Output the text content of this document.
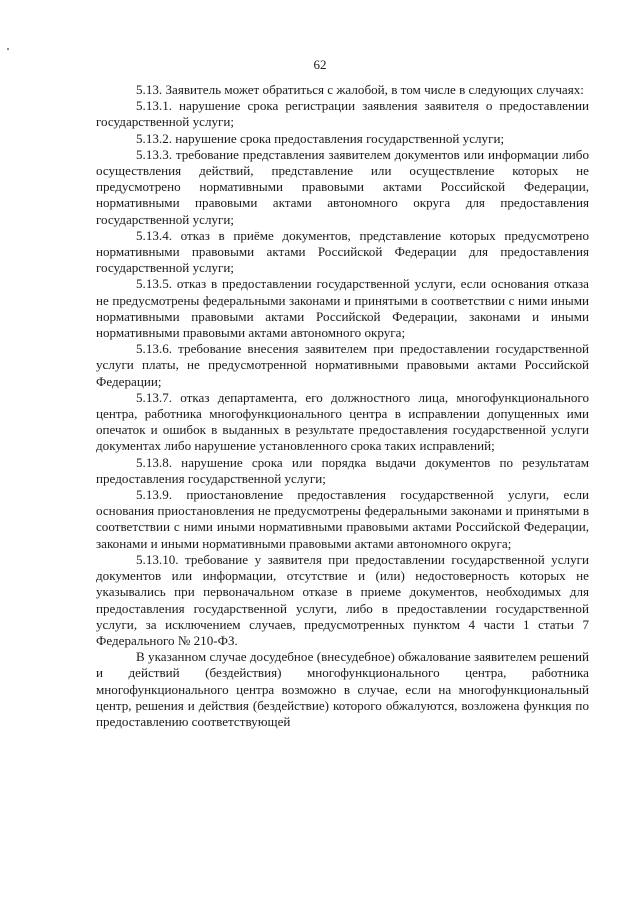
62

5.13. Заявитель может обратиться с жалобой, в том числе в следующих случаях:

5.13.1. нарушение срока регистрации заявления заявителя о предоставлении государственной услуги;

5.13.2. нарушение срока предоставления государственной услуги;

5.13.3. требование представления заявителем документов или информации либо осуществления действий, представление или осуществление которых не предусмотрено нормативными правовыми актами Российской Федерации, нормативными правовыми актами автономного округа для предоставления государственной услуги;

5.13.4. отказ в приёме документов, представление которых предусмотрено нормативными правовыми актами Российской Федерации для предоставления государственной услуги;

5.13.5. отказ в предоставлении государственной услуги, если основания отказа не предусмотрены федеральными законами и принятыми в соответствии с ними иными нормативными правовыми актами Российской Федерации, законами и иными нормативными правовыми актами автономного округа;

5.13.6. требование внесения заявителем при предоставлении государственной услуги платы, не предусмотренной нормативными правовыми актами Российской Федерации;

5.13.7. отказ департамента, его должностного лица, многофункционального центра, работника многофункционального центра в исправлении допущенных ими опечаток и ошибок в выданных в результате предоставления государственной услуги документах либо нарушение установленного срока таких исправлений;

5.13.8. нарушение срока или порядка выдачи документов по результатам предоставления государственной услуги;

5.13.9. приостановление предоставления государственной услуги, если основания приостановления не предусмотрены федеральными законами и принятыми в соответствии с ними иными нормативными правовыми актами Российской Федерации, законами и иными нормативными правовыми актами автономного округа;

5.13.10. требование у заявителя при предоставлении государственной услуги документов или информации, отсутствие и (или) недостоверность которых не указывались при первоначальном отказе в приеме документов, необходимых для предоставления государственной услуги, либо в предоставлении государственной услуги, за исключением случаев, предусмотренных пунктом 4 части 1 статьи 7 Федерального № 210-ФЗ.

В указанном случае досудебное (внесудебное) обжалование заявителем решений и действий (бездействия) многофункционального центра, работника многофункционального центра возможно в случае, если на многофункциональный центр, решения и действия (бездействие) которого обжалуются, возложена функция по предоставлению соответствующей
